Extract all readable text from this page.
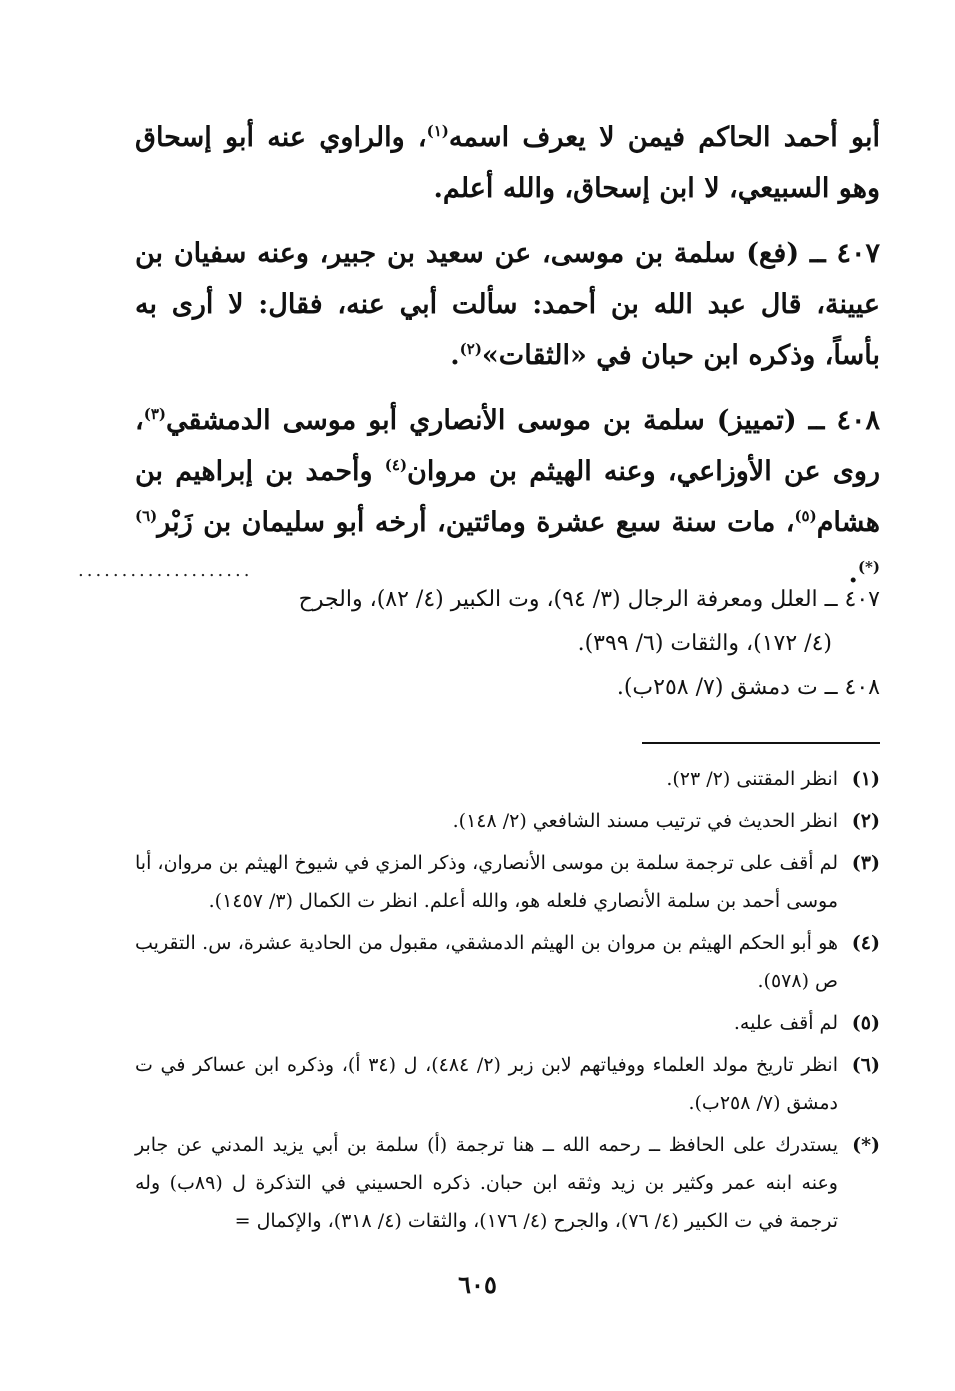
أبو أحمد الحاكم فيمن لا يعرف اسمه$^{(١)}$، والراوي عنه أبو إسحاق وهو السبيعي، لا ابن إسحاق، والله أعلم.

٤٠٧ ــ (فع) سلمة بن موسى، عن سعيد بن جبير، وعنه سفيان بن عيينة، قال عبد الله بن أحمد: سألت أبي عنه، فقال: لا أرى به بأساً، وذكره ابن حبان في «الثقات»$^{(٢)}$.

٤٠٨ ــ (تمييز) سلمة بن موسى الأنصاري أبو موسى الدمشقي$^{(٣)}$، روى عن الأوزاعي، وعنه الهيثم بن مروان$^{(٤)}$ وأحمد بن إبراهيم بن هشام$^{(٥)}$، مات سنة سبع عشرة ومائتين، أرخه أبو سليمان بن زَبْر$^{(٦)(*)}$.

....................

٤٠٧ ــ العلل ومعرفة الرجال (٣/ ٩٤)، وت الكبير (٤/ ٨٢)، والجرح

(٤/ ١٧٢)، والثقات (٦/ ٣٩٩).

٤٠٨ ــ ت دمشق (٧/ ٢٥٨ب).

(١)
انظر المقتنى (٢/ ٢٣).
(٢)
انظر الحديث في ترتيب مسند الشافعي (٢/ ١٤٨).
(٣)
لم أقف على ترجمة سلمة بن موسى الأنصاري، وذكر المزي في شيوخ الهيثم بن مروان، أبا موسى أحمد بن سلمة الأنصاري فلعله هو، والله أعلم. انظر ت الكمال (٣/ ١٤٥٧).
(٤)
هو أبو الحكم الهيثم بن مروان بن الهيثم الدمشقي، مقبول من الحادية عشرة، س. التقريب ص (٥٧٨).
(٥)
لم أقف عليه.
(٦)
انظر تاريخ مولد العلماء ووفياتهم لابن زبر (٢/ ٤٨٤)، ل (٣٤ أ)، وذكره ابن عساكر في ت دمشق (٧/ ٢٥٨ب).
(*)
يستدرك على الحافظ ــ رحمه الله ــ هنا ترجمة (أ) سلمة بن أبي يزيد المدني عن جابر وعنه ابنه عمر وكثير بن زيد وثقه ابن حبان. ذكره الحسيني في التذكرة ل (٨٩ب) وله ترجمة في ت الكبير (٤/ ٧٦)، والجرح (٤/ ١٧٦)، والثقات (٤/ ٣١٨)، والإكمال =
٦٠٥
